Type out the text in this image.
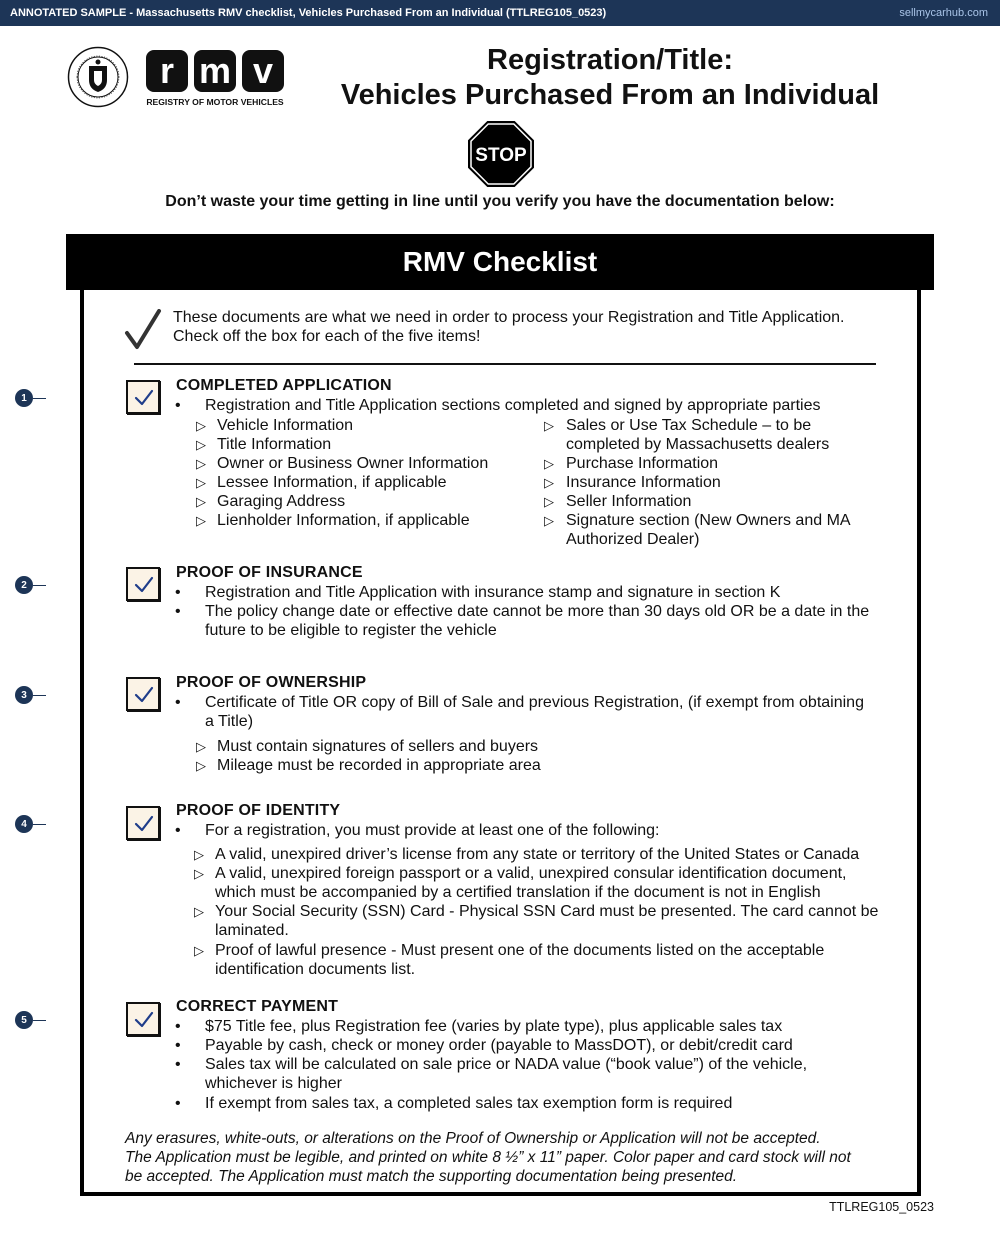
ANNOTATED SAMPLE - Massachusetts RMV checklist, Vehicles Purchased From an Individual (TTLREG105_0523)	sellmycarhub.com
r m v
REGISTRY OF MOTOR VEHICLES
Registration/Title:
Vehicles Purchased From an Individual
STOP
Don’t waste your time getting in line until you verify you have the documentation below:
RMV Checklist
These documents are what we need in order to process your Registration and Title Application.
Check off the box for each of the five items!
1
2
3
4
5
COMPLETED APPLICATION
• Registration and Title Application sections completed and signed by appropriate parties
▷ Vehicle Information
▷ Title Information
▷ Owner or Business Owner Information
▷ Lessee Information, if applicable
▷ Garaging Address
▷ Lienholder Information, if applicable
▷ Sales or Use Tax Schedule – to be
completed by Massachusetts dealers
▷ Purchase Information
▷ Insurance Information
▷ Seller Information
▷ Signature section (New Owners and MA
Authorized Dealer)
PROOF OF INSURANCE
• Registration and Title Application with insurance stamp and signature in section K
• The policy change date or effective date cannot be more than 30 days old OR be a date in the
future to be eligible to register the vehicle
PROOF OF OWNERSHIP
• Certificate of Title OR copy of Bill of Sale and previous Registration, (if exempt from obtaining
a Title)
▷ Must contain signatures of sellers and buyers
▷ Mileage must be recorded in appropriate area
PROOF OF IDENTITY
• For a registration, you must provide at least one of the following:
▷ A valid, unexpired driver’s license from any state or territory of the United States or Canada
▷ A valid, unexpired foreign passport or a valid, unexpired consular identification document,
which must be accompanied by a certified translation if the document is not in English
▷ Your Social Security (SSN) Card - Physical SSN Card must be presented. The card cannot be
laminated.
▷ Proof of lawful presence - Must present one of the documents listed on the acceptable
identification documents list.
CORRECT PAYMENT
• $75 Title fee, plus Registration fee (varies by plate type), plus applicable sales tax
• Payable by cash, check or money order (payable to MassDOT), or debit/credit card
• Sales tax will be calculated on sale price or NADA value (“book value”) of the vehicle,
whichever is higher
• If exempt from sales tax, a completed sales tax exemption form is required
Any erasures, white-outs, or alterations on the Proof of Ownership or Application will not be accepted.
The Application must be legible, and printed on white 8 ½” x 11” paper. Color paper and card stock will not
be accepted. The Application must match the supporting documentation being presented.
TTLREG105_0523
